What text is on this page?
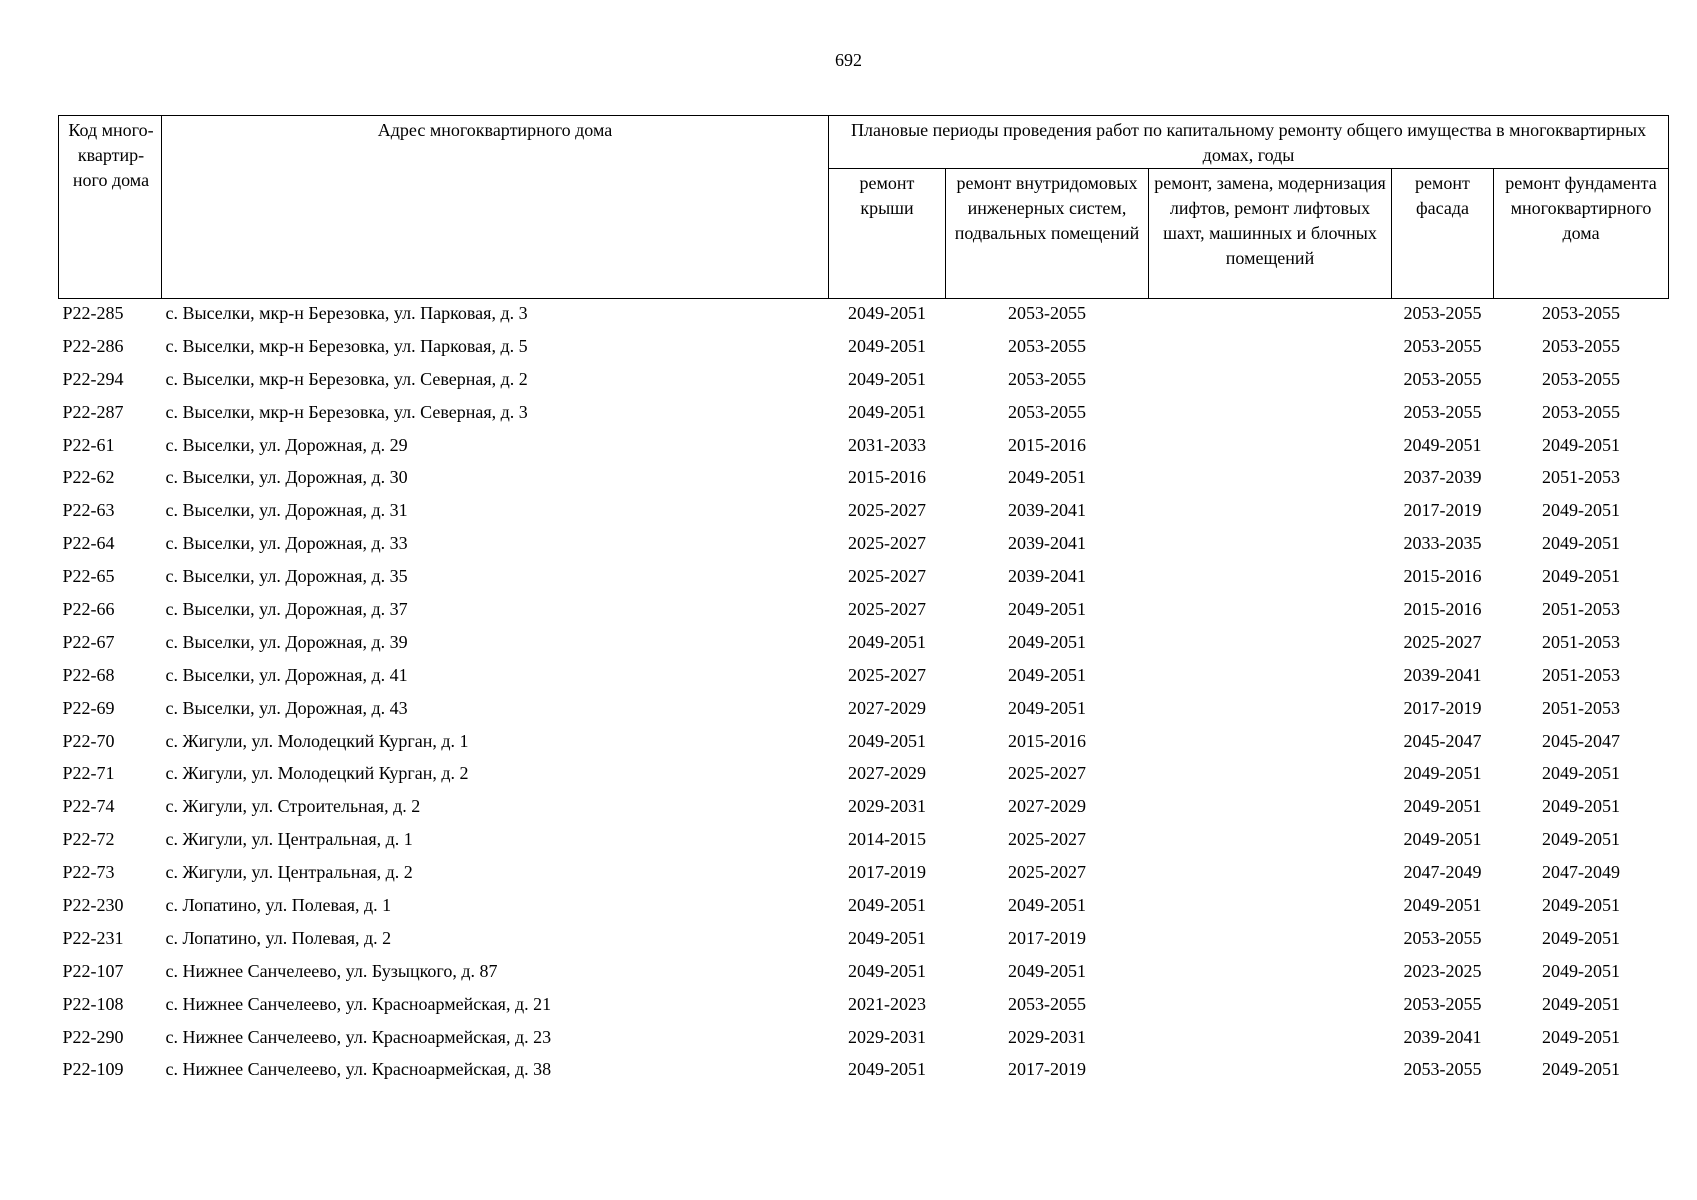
692
Код много-квартир-ного дома	Адрес многоквартирного дома	Плановые периоды проведения работ по капитальному ремонту общего имущества в многоквартирных домах, годы				

		ремонт крыши	ремонт внутридомовых инженерных систем, подвальных помещений	ремонт, замена, модернизация лифтов, ремонт лифтовых шахт, машинных и блочных помещений	ремонт фасада	ремонт фундамента многоквартирного дома
Р22-285	с. Выселки, мкр-н Березовка, ул. Парковая, д. 3	2049-2051	2053-2055		2053-2055	2053-2055
Р22-286	с. Выселки, мкр-н Березовка, ул. Парковая, д. 5	2049-2051	2053-2055		2053-2055	2053-2055
Р22-294	с. Выселки, мкр-н Березовка, ул. Северная, д. 2	2049-2051	2053-2055		2053-2055	2053-2055
Р22-287	с. Выселки, мкр-н Березовка, ул. Северная, д. 3	2049-2051	2053-2055		2053-2055	2053-2055
Р22-61	с. Выселки, ул. Дорожная, д. 29	2031-2033	2015-2016		2049-2051	2049-2051
Р22-62	с. Выселки, ул. Дорожная, д. 30	2015-2016	2049-2051		2037-2039	2051-2053
Р22-63	с. Выселки, ул. Дорожная, д. 31	2025-2027	2039-2041		2017-2019	2049-2051
Р22-64	с. Выселки, ул. Дорожная, д. 33	2025-2027	2039-2041		2033-2035	2049-2051
Р22-65	с. Выселки, ул. Дорожная, д. 35	2025-2027	2039-2041		2015-2016	2049-2051
Р22-66	с. Выселки, ул. Дорожная, д. 37	2025-2027	2049-2051		2015-2016	2051-2053
Р22-67	с. Выселки, ул. Дорожная, д. 39	2049-2051	2049-2051		2025-2027	2051-2053
Р22-68	с. Выселки, ул. Дорожная, д. 41	2025-2027	2049-2051		2039-2041	2051-2053
Р22-69	с. Выселки, ул. Дорожная, д. 43	2027-2029	2049-2051		2017-2019	2051-2053
Р22-70	с. Жигули, ул. Молодецкий Курган, д. 1	2049-2051	2015-2016		2045-2047	2045-2047
Р22-71	с. Жигули, ул. Молодецкий Курган, д. 2	2027-2029	2025-2027		2049-2051	2049-2051
Р22-74	с. Жигули, ул. Строительная, д. 2	2029-2031	2027-2029		2049-2051	2049-2051
Р22-72	с. Жигули, ул. Центральная, д. 1	2014-2015	2025-2027		2049-2051	2049-2051
Р22-73	с. Жигули, ул. Центральная, д. 2	2017-2019	2025-2027		2047-2049	2047-2049
Р22-230	с. Лопатино, ул. Полевая, д. 1	2049-2051	2049-2051		2049-2051	2049-2051
Р22-231	с. Лопатино, ул. Полевая, д. 2	2049-2051	2017-2019		2053-2055	2049-2051
Р22-107	с. Нижнее Санчелеево, ул. Бузыцкого, д. 87	2049-2051	2049-2051		2023-2025	2049-2051
Р22-108	с. Нижнее Санчелеево, ул. Красноармейская, д. 21	2021-2023	2053-2055		2053-2055	2049-2051
Р22-290	с. Нижнее Санчелеево, ул. Красноармейская, д. 23	2029-2031	2029-2031		2039-2041	2049-2051
Р22-109	с. Нижнее Санчелеево, ул. Красноармейская, д. 38	2049-2051	2017-2019		2053-2055	2049-2051
